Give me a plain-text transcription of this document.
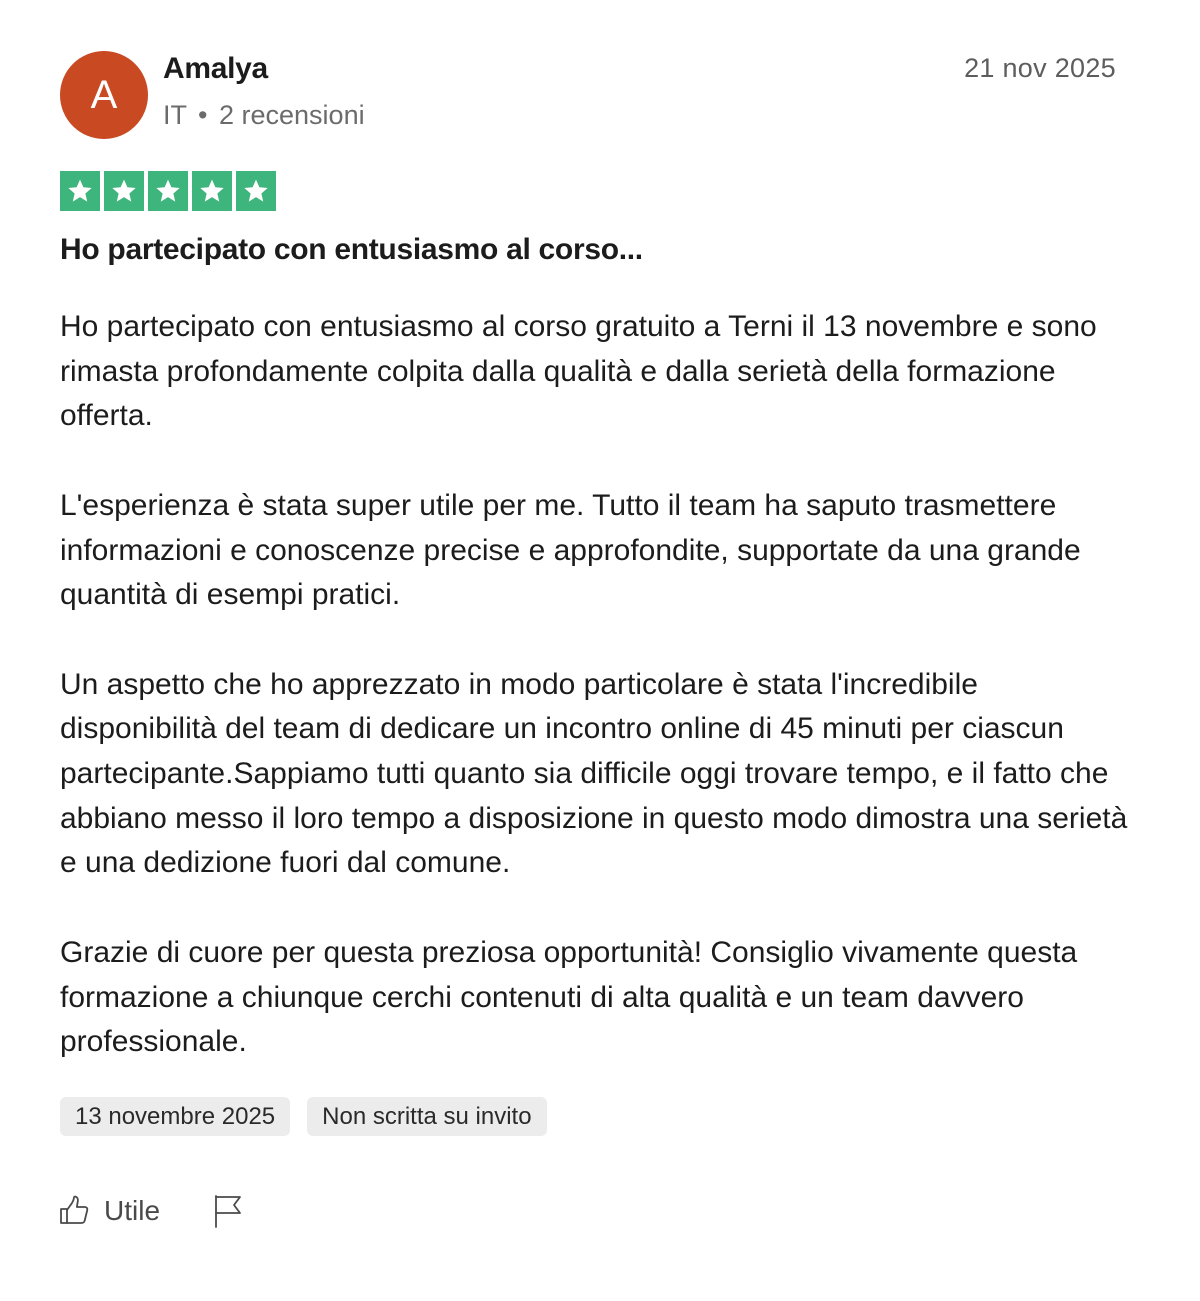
A
Amalya
IT • 2 recensioni
21 nov 2025
Ho partecipato con entusiasmo al corso...

Ho partecipato con entusiasmo al corso gratuito a Terni il 13 novembre e sono rimasta profondamente colpita dalla qualità e dalla serietà della formazione offerta.

L'esperienza è stata super utile per me. Tutto il team ha saputo trasmettere informazioni e conoscenze precise e approfondite, supportate da una grande quantità di esempi pratici.

Un aspetto che ho apprezzato in modo particolare è stata l'incredibile disponibilità del team di dedicare un incontro online di 45 minuti per ciascun partecipante.Sappiamo tutti quanto sia difficile oggi trovare tempo, e il fatto che abbiano messo il loro tempo a disposizione in questo modo dimostra una serietà e una dedizione fuori dal comune.

Grazie di cuore per questa preziosa opportunità! Consiglio vivamente questa formazione a chiunque cerchi contenuti di alta qualità e un team davvero professionale.

13 novembre 2025	Non scritta su invito
Utile
